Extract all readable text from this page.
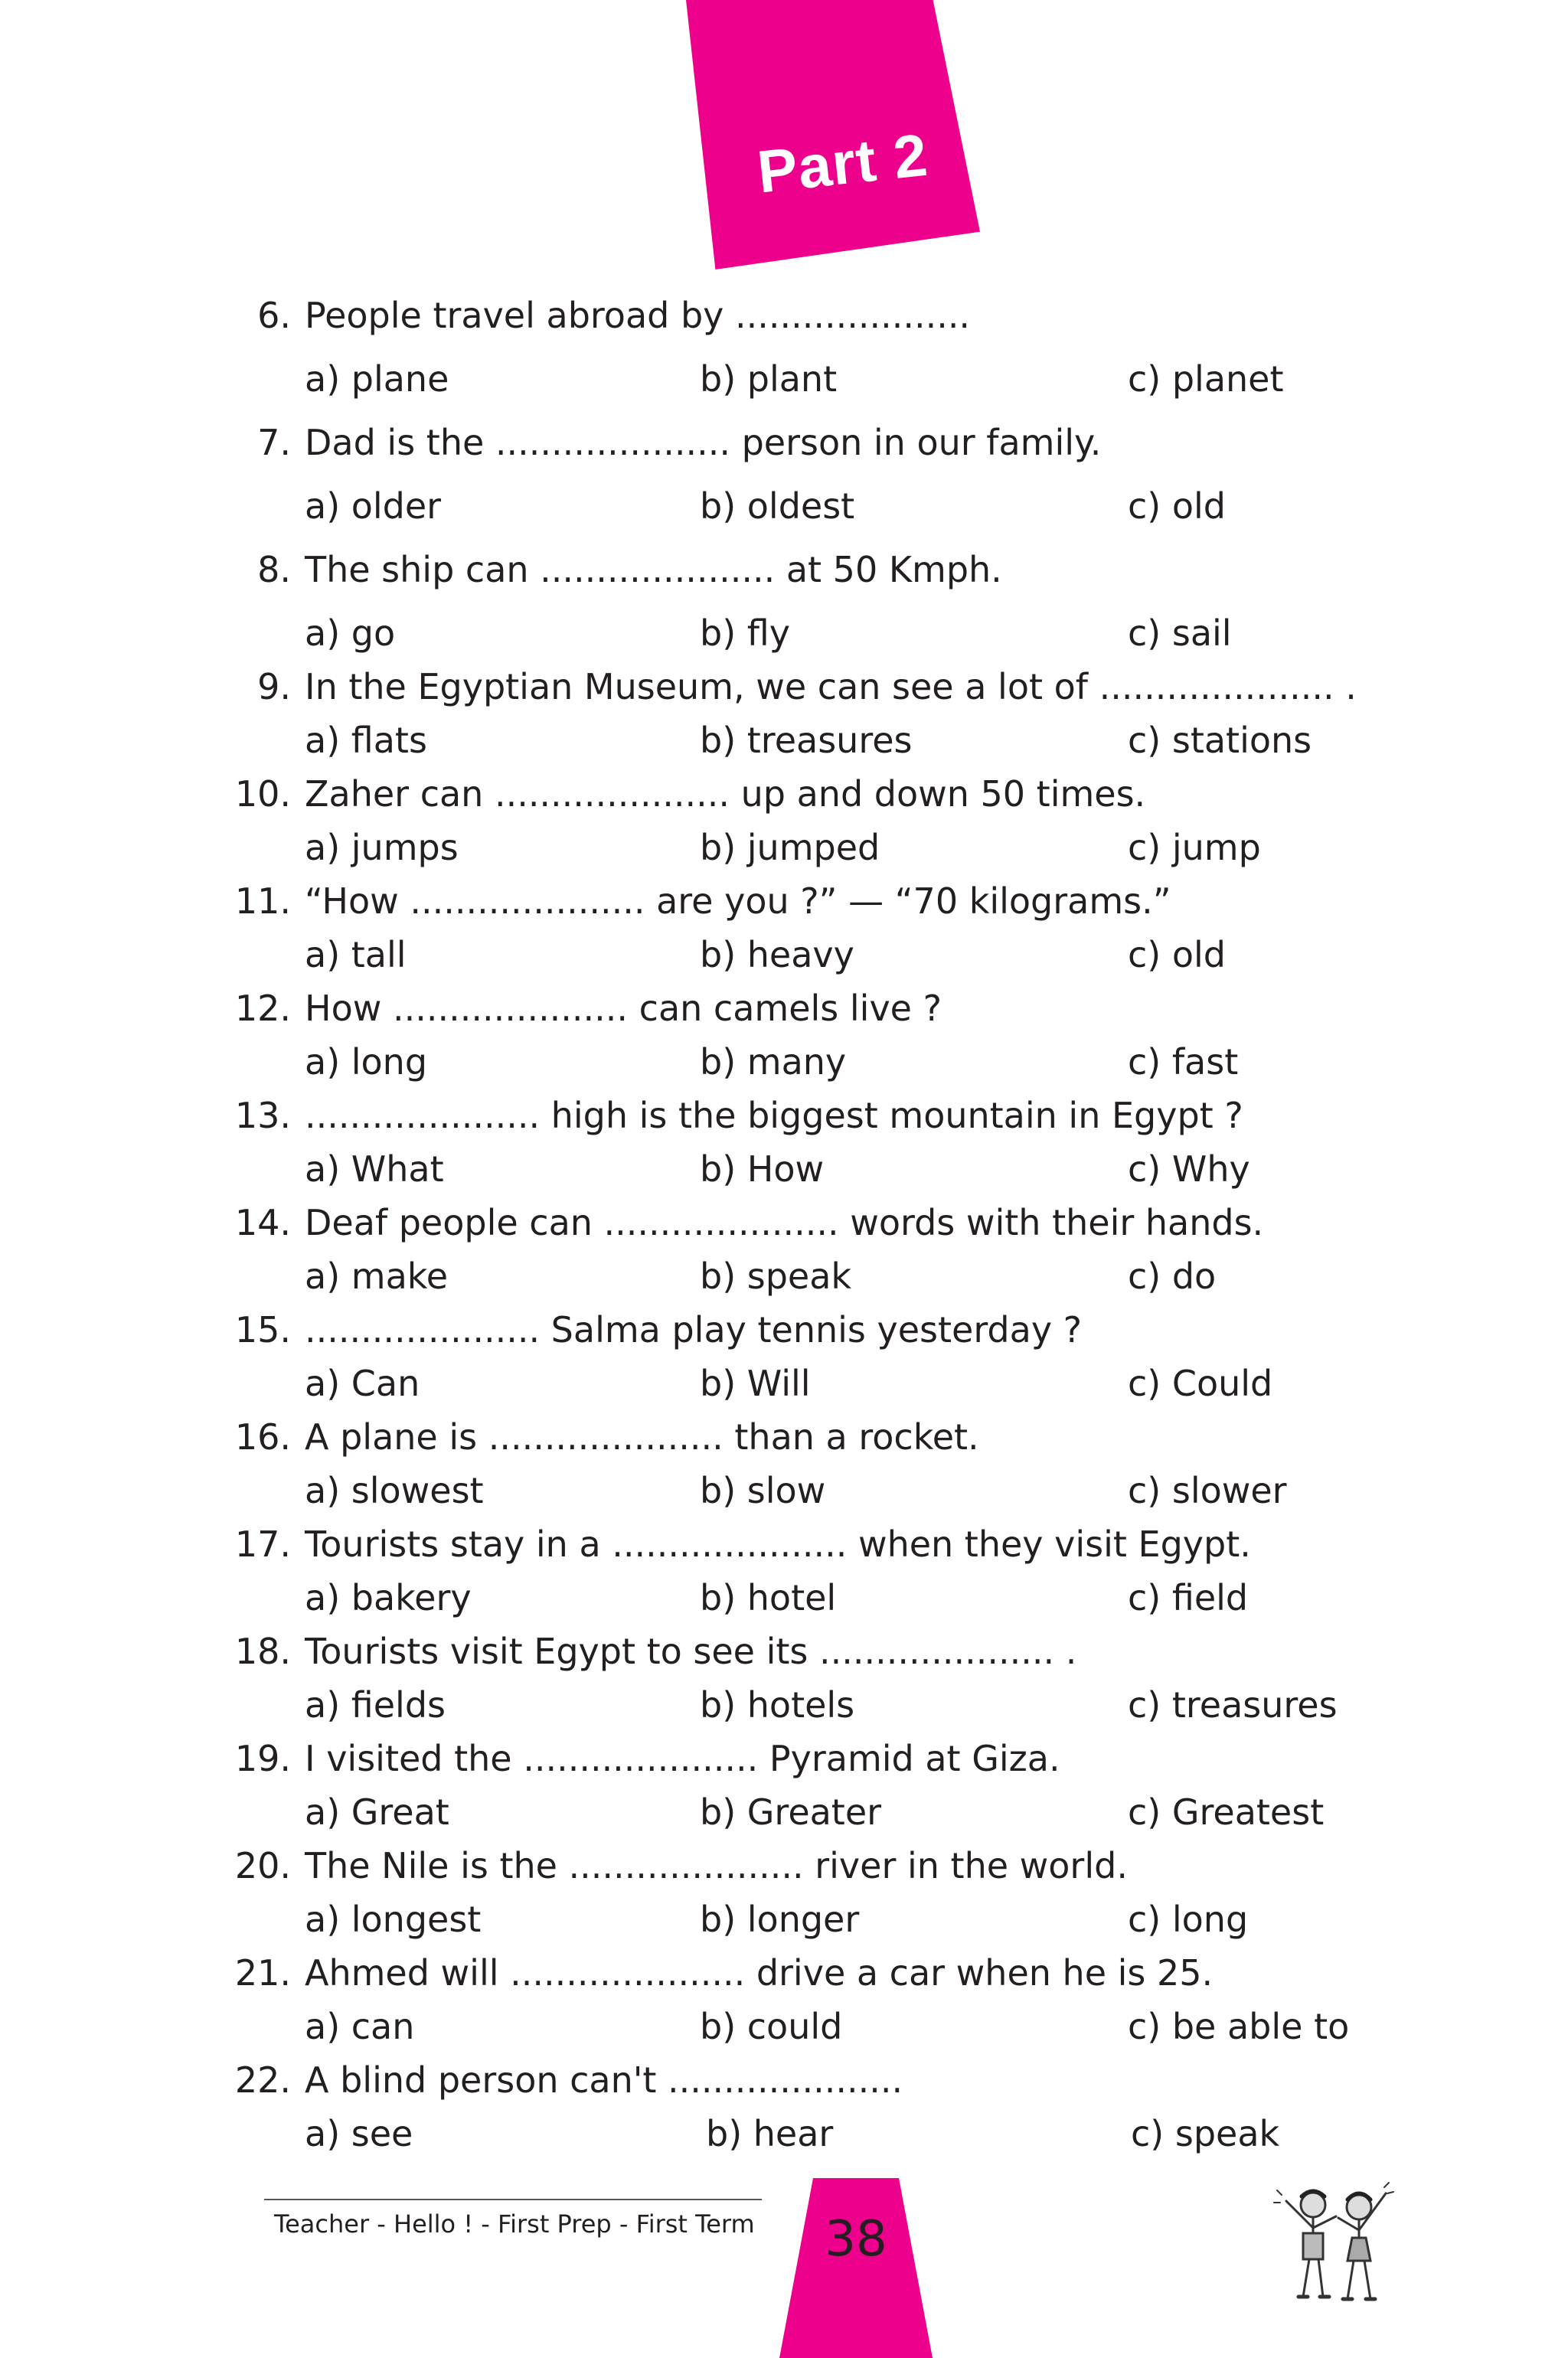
Part 2
6. People travel abroad by .....................
a) plane	b) plant	c) planet
7. Dad is the ..................... person in our family.
a) older	b) oldest	c) old
8. The ship can ..................... at 50 Kmph.
a) go	b) fly	c) sail
9. In the Egyptian Museum, we can see a lot of ..................... .
a) flats	b) treasures	c) stations
10. Zaher can ..................... up and down 50 times.
a) jumps	b) jumped	c) jump
11. “How ..................... are you ?” — “70 kilograms.”
a) tall	b) heavy	c) old
12. How ..................... can camels live ?
a) long	b) many	c) fast
13. ..................... high is the biggest mountain in Egypt ?
a) What	b) How	c) Why
14. Deaf people can ..................... words with their hands.
a) make	b) speak	c) do
15. ..................... Salma play tennis yesterday ?
a) Can	b) Will	c) Could
16. A plane is ..................... than a rocket.
a) slowest	b) slow	c) slower
17. Tourists stay in a ..................... when they visit Egypt.
a) bakery	b) hotel	c) field
18. Tourists visit Egypt to see its ..................... .
a) fields	b) hotels	c) treasures
19. I visited the ..................... Pyramid at Giza.
a) Great	b) Greater	c) Greatest
20. The Nile is the ..................... river in the world.
a) longest	b) longer	c) long
21. Ahmed will ..................... drive a car when he is 25.
a) can	b) could	c) be able to
22. A blind person can't .....................
a) see	b) hear	c) speak
Teacher - Hello ! - First Prep - First Term	38
